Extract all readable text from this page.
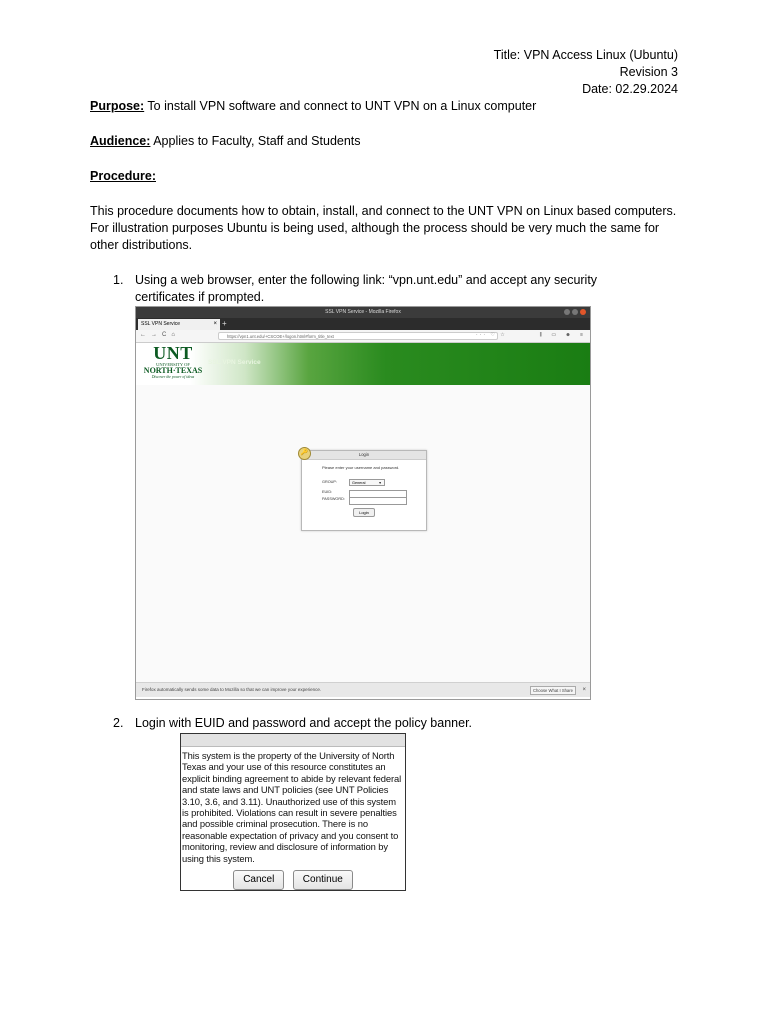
Title: VPN Access Linux (Ubuntu)
Revision 3
Date: 02.29.2024
Purpose: To install VPN software and connect to UNT VPN on a Linux computer
Audience: Applies to Faculty, Staff and Students
Procedure:
This procedure documents how to obtain, install, and connect to the UNT VPN on Linux based computers. For illustration purposes Ubuntu is being used, although the process should be very much the same for other distributions.
1. Using a web browser, enter the following link: “vpn.unt.edu” and accept any security certificates if prompted.
SSL VPN Service - Mozilla Firefox
SSL VPN Service	× +
← → C ⌂	https://vpn1.unt.edu/+CSCOE+/logon.html#form_title_text	··· ♡ ☆	⫼ ▭ ☻ ≡
UNT
UNIVERSITY OF
NORTH·TEXAS
Discover the power of ideas
SSL VPN Service
🔑	Login
Please enter your username and password.
GROUP:	General	▾
EUID:
PASSWORD:
Login
Firefox automatically sends some data to Mozilla so that we can improve your experience.	Choose What I Share	×
2. Login with EUID and password and accept the policy banner.
This system is the property of the University of North Texas and your use of this resource constitutes an explicit binding agreement to abide by relevant federal and state laws and UNT policies (see UNT Policies 3.10, 3.6, and 3.11). Unauthorized use of this system is prohibited. Violations can result in severe penalties and possible criminal prosecution. There is no reasonable expectation of privacy and you consent to monitoring, review and disclosure of information by using this system.
Cancel	Continue
